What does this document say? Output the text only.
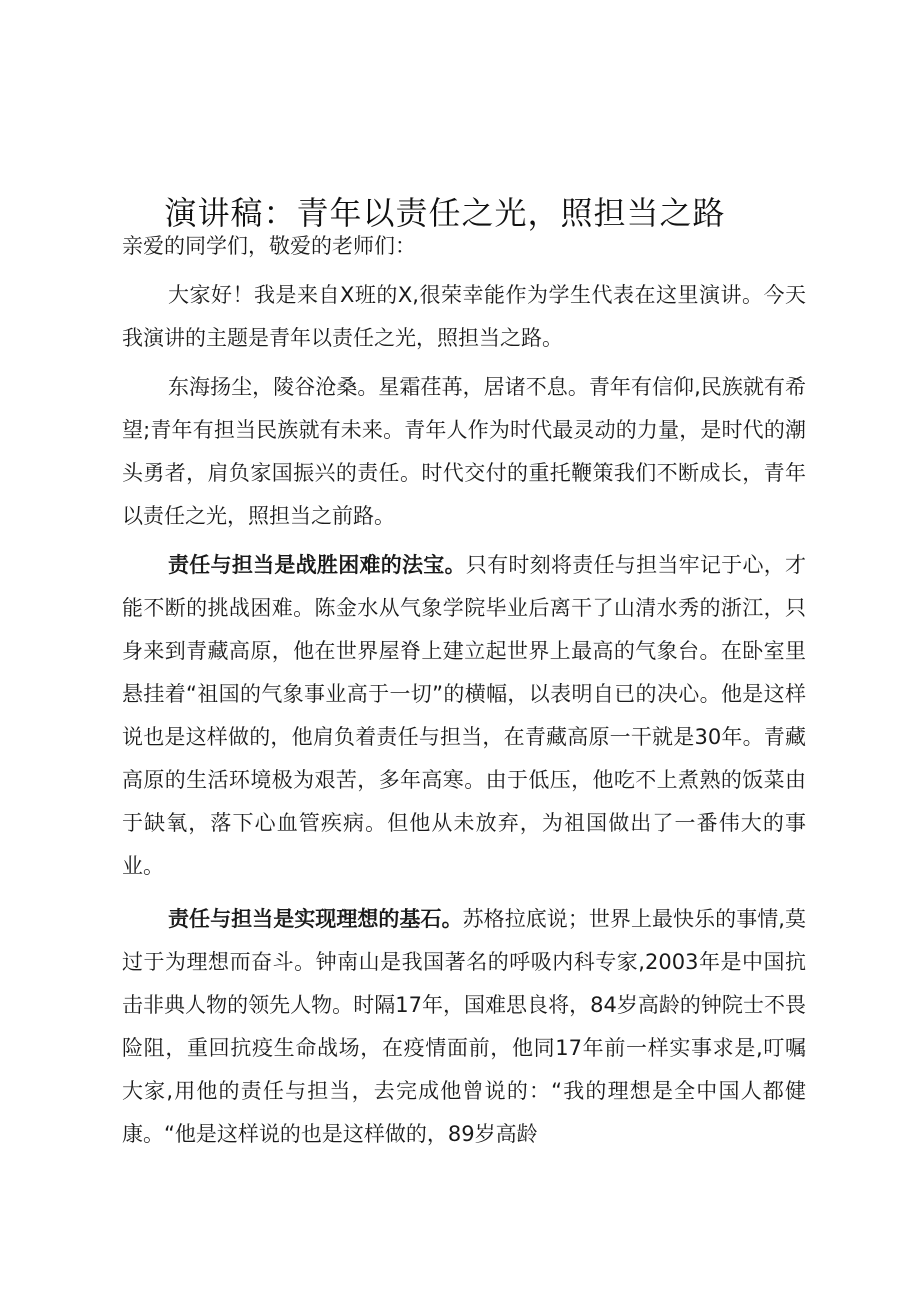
演讲稿：青年以责任之光，照担当之路

亲爱的同学们，敬爱的老师们：

大家好！我是来自X班的X,很荣幸能作为学生代表在这里演讲。今天我演讲的主题是青年以责任之光，照担当之路。

东海扬尘，陵谷沧桑。星霜荏苒，居诸不息。青年有信仰,民族就有希望;青年有担当民族就有未来。青年人作为时代最灵动的力量，是时代的潮头勇者，肩负家国振兴的责任。时代交付的重托鞭策我们不断成长，青年以责任之光，照担当之前路。

责任与担当是战胜困难的法宝。只有时刻将责任与担当牢记于心，才能不断的挑战困难。陈金水从气象学院毕业后离干了山清水秀的浙江，只身来到青藏高原，他在世界屋脊上建立起世界上最高的气象台。在卧室里悬挂着“祖国的气象事业高于一切”的横幅，以表明自已的决心。他是这样说也是这样做的，他肩负着责任与担当，在青藏高原一干就是30年。青藏高原的生活环境极为艰苦，多年高寒。由于低压，他吃不上煮熟的饭菜由于缺氧，落下心血管疾病。但他从未放弃，为祖国做出了一番伟大的事业。

责任与担当是实现理想的基石。苏格拉底说；世界上最快乐的事情,莫过于为理想而奋斗。钟南山是我国著名的呼吸内科专家,2003年是中国抗击非典人物的领先人物。时隔17年，国难思良将，84岁高龄的钟院士不畏险阻，重回抗疫生命战场，在疫情面前，他同17年前一样实事求是,叮嘱大家,用他的责任与担当，去完成他曾说的：“我的理想是全中国人都健康。“他是这样说的也是这样做的，89岁高龄
